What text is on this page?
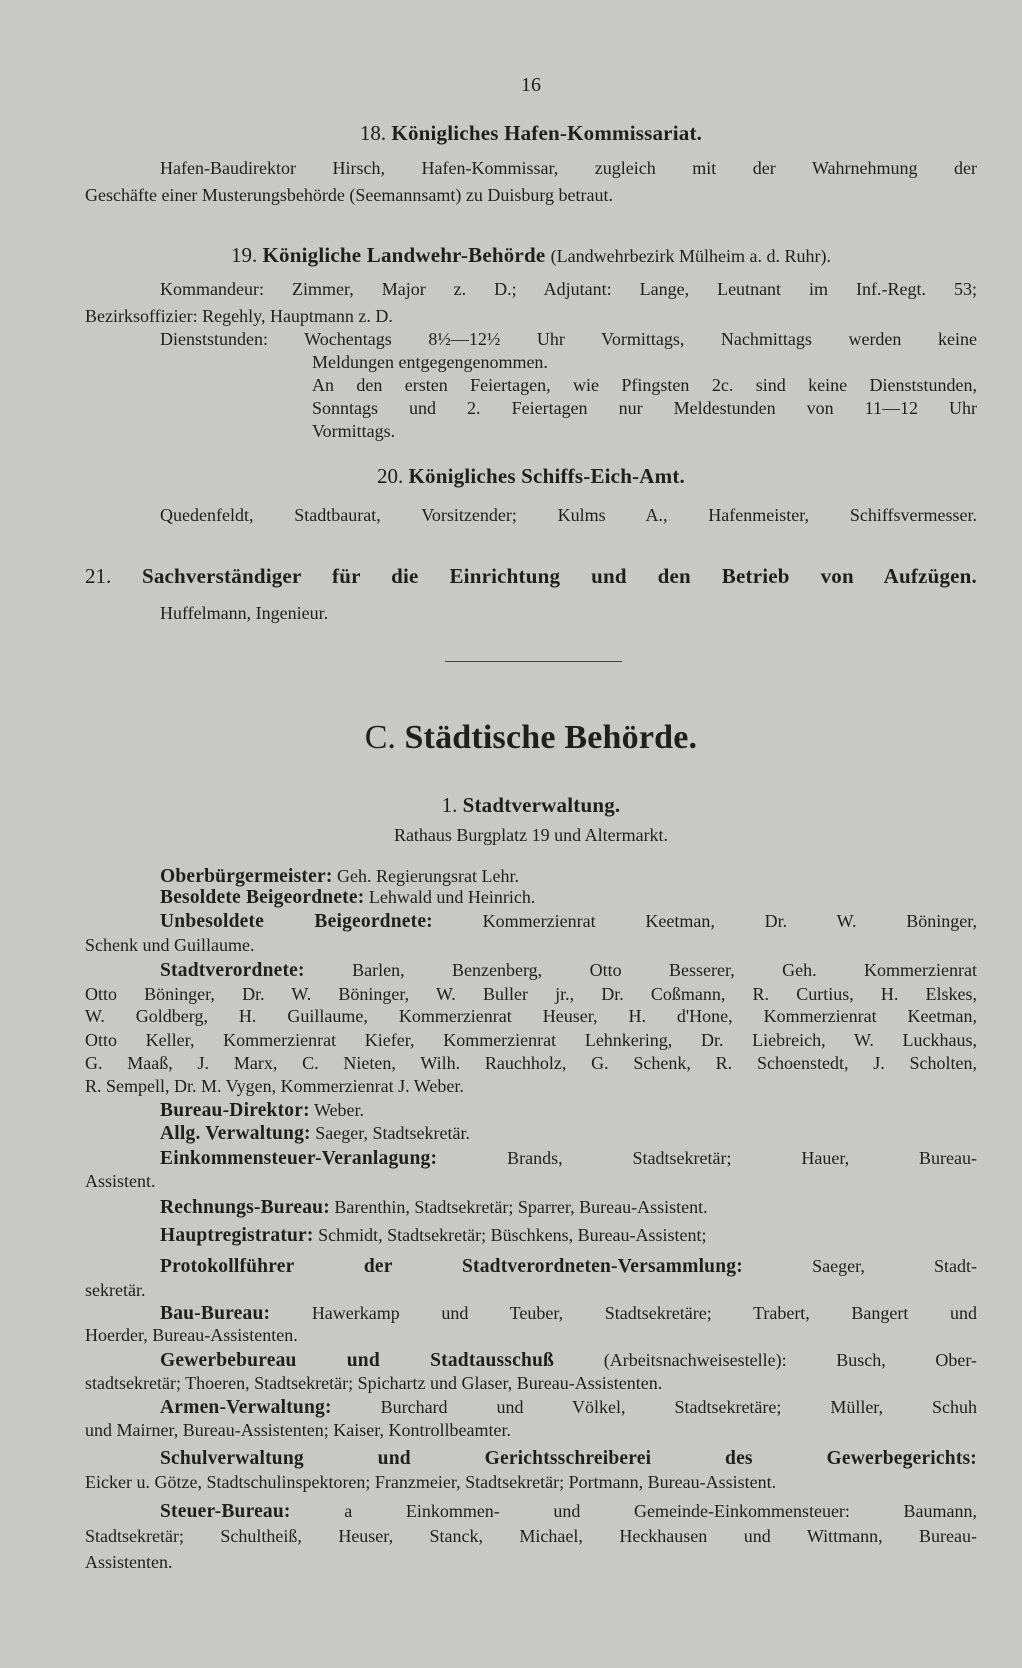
16
18. Königliches Hafen-Kommissariat.
Hafen-Baudirektor Hirsch, Hafen-Kommissar, zugleich mit der Wahrnehmung der
Geschäfte einer Musterungsbehörde (Seemannsamt) zu Duisburg betraut.
19. Königliche Landwehr-Behörde (Landwehrbezirk Mülheim a. d. Ruhr).
Kommandeur: Zimmer, Major z. D.; Adjutant: Lange, Leutnant im Inf.-Regt. 53;
Bezirksoffizier: Regehly, Hauptmann z. D.
Dienststunden: Wochentags 8½—12½ Uhr Vormittags, Nachmittags werden keine
Meldungen entgegengenommen.
An den ersten Feiertagen, wie Pfingsten 2c. sind keine Dienststunden,
Sonntags und 2. Feiertagen nur Meldestunden von 11—12 Uhr
Vormittags.
20. Königliches Schiffs-Eich-Amt.
Quedenfeldt, Stadtbaurat, Vorsitzender; Kulms A., Hafenmeister, Schiffsvermesser.
21. Sachverständiger für die Einrichtung und den Betrieb von Aufzügen.
Huffelmann, Ingenieur.
C. Städtische Behörde.
1. Stadtverwaltung.
Rathaus Burgplatz 19 und Altermarkt.
Oberbürgermeister: Geh. Regierungsrat Lehr.
Besoldete Beigeordnete: Lehwald und Heinrich.
Unbesoldete Beigeordnete:	Kommerzienrat Keetman, Dr. W. Böninger,
Schenk und Guillaume.
Stadtverordnete:	Barlen, Benzenberg, Otto Besserer, Geh. Kommerzienrat
Otto Böninger, Dr. W. Böninger, W. Buller jr., Dr. Coßmann, R. Curtius, H. Elskes,
W. Goldberg, H. Guillaume, Kommerzienrat Heuser, H. d'Hone, Kommerzienrat Keetman,
Otto Keller, Kommerzienrat Kiefer, Kommerzienrat Lehnkering, Dr. Liebreich, W. Luckhaus,
G. Maaß, J. Marx, C. Nieten, Wilh. Rauchholz, G. Schenk, R. Schoenstedt, J. Scholten,
R. Sempell, Dr. M. Vygen, Kommerzienrat J. Weber.
Bureau-Direktor: Weber.
Allg. Verwaltung: Saeger, Stadtsekretär.
Einkommensteuer-Veranlagung:	Brands, Stadtsekretär; Hauer, Bureau-
Assistent.
Rechnungs-Bureau: Barenthin, Stadtsekretär; Sparrer, Bureau-Assistent.
Hauptregistratur: Schmidt, Stadtsekretär; Büschkens, Bureau-Assistent;
Protokollführer der Stadtverordneten-Versammlung:	Saeger, Stadt-
sekretär.
Bau-Bureau: Hawerkamp und Teuber, Stadtsekretäre; Trabert, Bangert und
Hoerder, Bureau-Assistenten.
Gewerbebureau und Stadtausschuß	(Arbeitsnachweisestelle): Busch, Ober-
stadtsekretär; Thoeren, Stadtsekretär; Spichartz und Glaser, Bureau-Assistenten.
Armen-Verwaltung:	Burchard und Völkel, Stadtsekretäre; Müller, Schuh
und Mairner, Bureau-Assistenten; Kaiser, Kontrollbeamter.
Schulverwaltung und Gerichtsschreiberei des Gewerbegerichts:
Eicker u. Götze, Stadtschulinspektoren; Franzmeier, Stadtsekretär; Portmann, Bureau-Assistent.
Steuer-Bureau:	a Einkommen- und Gemeinde-Einkommensteuer: Baumann,
Stadtsekretär; Schultheiß, Heuser, Stanck, Michael, Heckhausen und Wittmann, Bureau-
Assistenten.
